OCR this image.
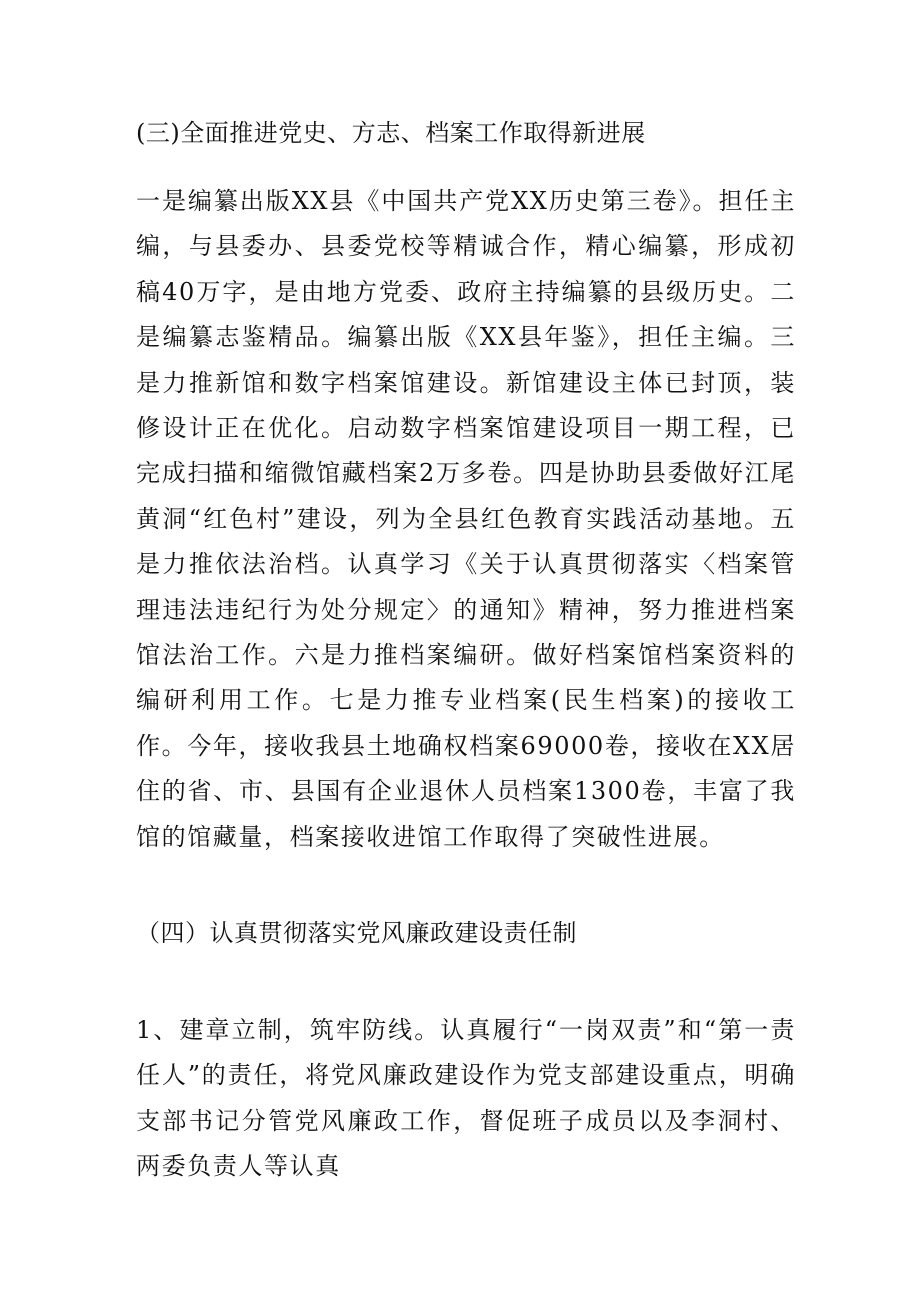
(三)全面推进党史、方志、档案工作取得新进展

一是编纂出版XX县《中国共产党XX历史第三卷》。担任主编，与县委办、县委党校等精诚合作，精心编纂，形成初稿40万字，是由地方党委、政府主持编纂的县级历史。二是编纂志鉴精品。编纂出版《XX县年鉴》，担任主编。三是力推新馆和数字档案馆建设。新馆建设主体已封顶，装修设计正在优化。启动数字档案馆建设项目一期工程，已完成扫描和缩微馆藏档案2万多卷。四是协助县委做好江尾黄洞“红色村”建设，列为全县红色教育实践活动基地。五是力推依法治档。认真学习《关于认真贯彻落实〈档案管理违法违纪行为处分规定〉的通知》精神，努力推进档案馆法治工作。六是力推档案编研。做好档案馆档案资料的编研利用工作。七是力推专业档案(民生档案)的接收工作。今年，接收我县土地确权档案69000卷，接收在XX居住的省、市、县国有企业退休人员档案1300卷，丰富了我馆的馆藏量，档案接收进馆工作取得了突破性进展。

（四）认真贯彻落实党风廉政建设责任制

1、建章立制，筑牢防线。认真履行“一岗双责”和“第一责任人”的责任，将党风廉政建设作为党支部建设重点，明确支部书记分管党风廉政工作，督促班子成员以及李洞村、两委负责人等认真
